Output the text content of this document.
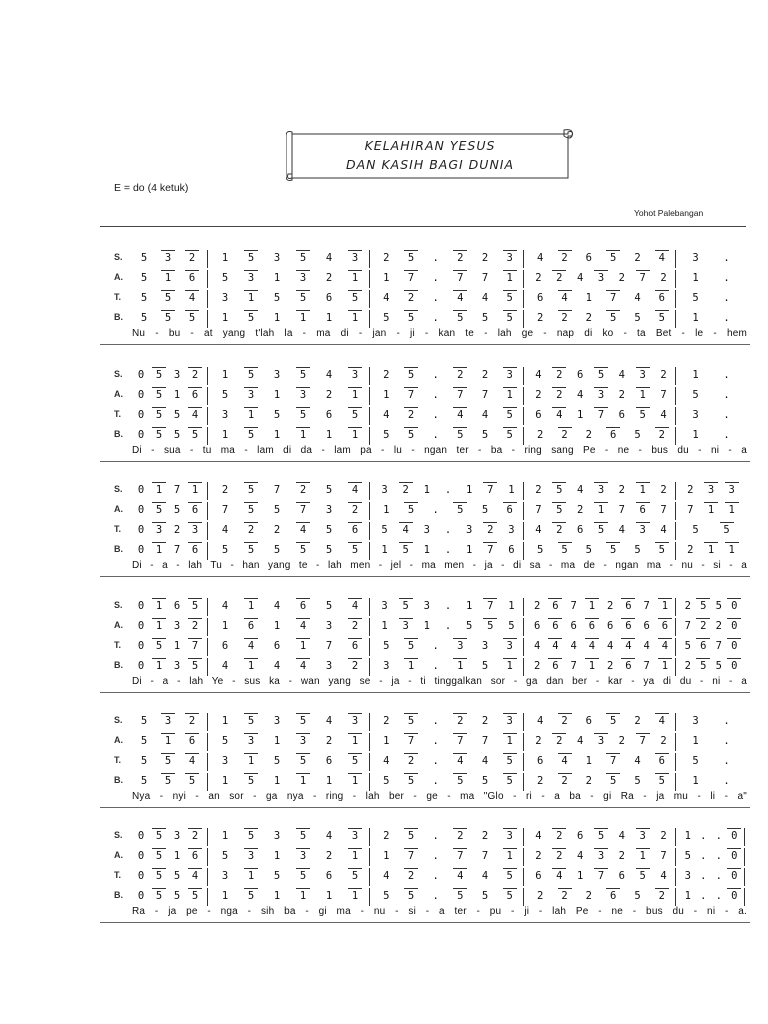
KELAHIRAN YESUS
DAN KASIH BAGI DUNIA
E = do (4 ketuk)
Yohot Palebangan
S. 5 3 2	1 5 3 5 4 3 2 5 . 2 2 3 4 2 6 5 2 4	3 .
A. 5 1 6	5 3 1 3 2 1 1 7 . 7 7 1 2 2 4 3 2 7 2 1 .
T. 5 5 4	3 1 5 5 6 5 4 2 . 4 4 5 6 4 1 7 4 6	5 .
B. 5 5 5	1 5 1 1 1 1 5 5 . 5 5 5 2 2 2 5 5 5	1 .
Nu - bu - at yang t'lah la - ma di - jan - ji - kan te - lah ge - nap di ko - ta Bet - le - hem
S. 0 5 3 2 1 5 3 5 4 3 2 5 . 2 2 3 4 2 6 5 4 3 2 1 .
A. 0 5 1 6 5 3 1 3 2 1 1 7 . 7 7 1 2 2 4 3 2 1 7 5 .
T. 0 5 5 4 3 1 5 5 6 5 4 2 . 4 4 5 6 4 1 7 6 5 4 3 .
B. 0 5 5 5 1 5 1 1 1 1 5 5 . 5 5 5 2 2 2 6 5 2	1 .
Di - sua - tu ma - lam di da - lam pa - lu - ngan ter - ba - ring sang Pe - ne - bus du - ni - a
S. 0 1 7 1 2 5 7 2 5 4 3 2 1 . 1 7 1 2 5 4 3 2 1 2 2 3 3
A. 0 5 5 6 7 5 5 7 3 2 1 5 . 5 5 6 7 5 2 1 7 6 7 7 1 1
T. 0 3 2 3 4 2 2 4 5 6 5 4 3 . 3 2 3 4 2 6 5 4 3 4 5 5
B. 0 1 7 6 5 5 5 5 5 5 1 5 1 . 1 7 6 5 5 5 5 5 5 2 1 1
Di - a - lah Tu - han yang te - lah men - jel - ma men - ja - di sa - ma de - ngan ma - nu - si - a
S. 0 1 6 5 4 1 4 6 5 4 3 5 3 . 1 7 1 2 6 7 1 2 6 7 1 2 5 5 0
A. 0 1 3 2 1 6 1 4 3 2 1 3 1 . 5 5 5 6 6 6 6 6 6 6 6 7 2 2 0
T. 0 5 1 7 6 4 6 1 7 6 5 5 . 3 3 3 4 4 4 4 4 4 4 4 5 6 7 0
B. 0 1 3 5 4 1 4 4 3 2 3 1 . 1 5 1 2 6 7 1 2 6 7 1 2 5 5 0
Di - a - lah Ye - sus ka - wan yang se - ja - ti tinggalkan sor - ga dan ber - kar - ya di du - ni - a
S. 5 3 2	1 5 3 5 4 3 2 5 . 2 2 3 4 2 6 5 2 4	3 .
A. 5 1 6	5 3 1 3 2 1 1 7 . 7 7 1 2 2 4 3 2 7 2 1 .
T. 5 5 4	3 1 5 5 6 5 4 2 . 4 4 5 6 4 1 7 4 6	5 .
B. 5 5 5	1 5 1 1 1 1 5 5 . 5 5 5 2 2 2 5 5 5	1 .
Nya - nyi - an sor - ga nya - ring - lah ber - ge - ma "Glo - ri - a ba - gi Ra - ja mu - li - a"
S. 0 5 3 2 1 5 3 5 4 3 2 5 . 2 2 3 4 2 6 5 4 3 2 1 . . 0
A. 0 5 1 6 5 3 1 3 2 1 1 7 . 7 7 1 2 2 4 3 2 1 7 5 . . 0
T. 0 5 5 4 3 1 5 5 6 5 4 2 . 4 4 5 6 4 1 7 6 5 4 3 . . 0
B. 0 5 5 5 1 5 1 1 1 1 5 5 . 5 5 5 2 2 2 6 5 2 1 . . 0
Ra - ja pe - nga - sih ba - gi ma - nu - si - a ter - pu - ji - lah Pe - ne - bus du - ni - a.
